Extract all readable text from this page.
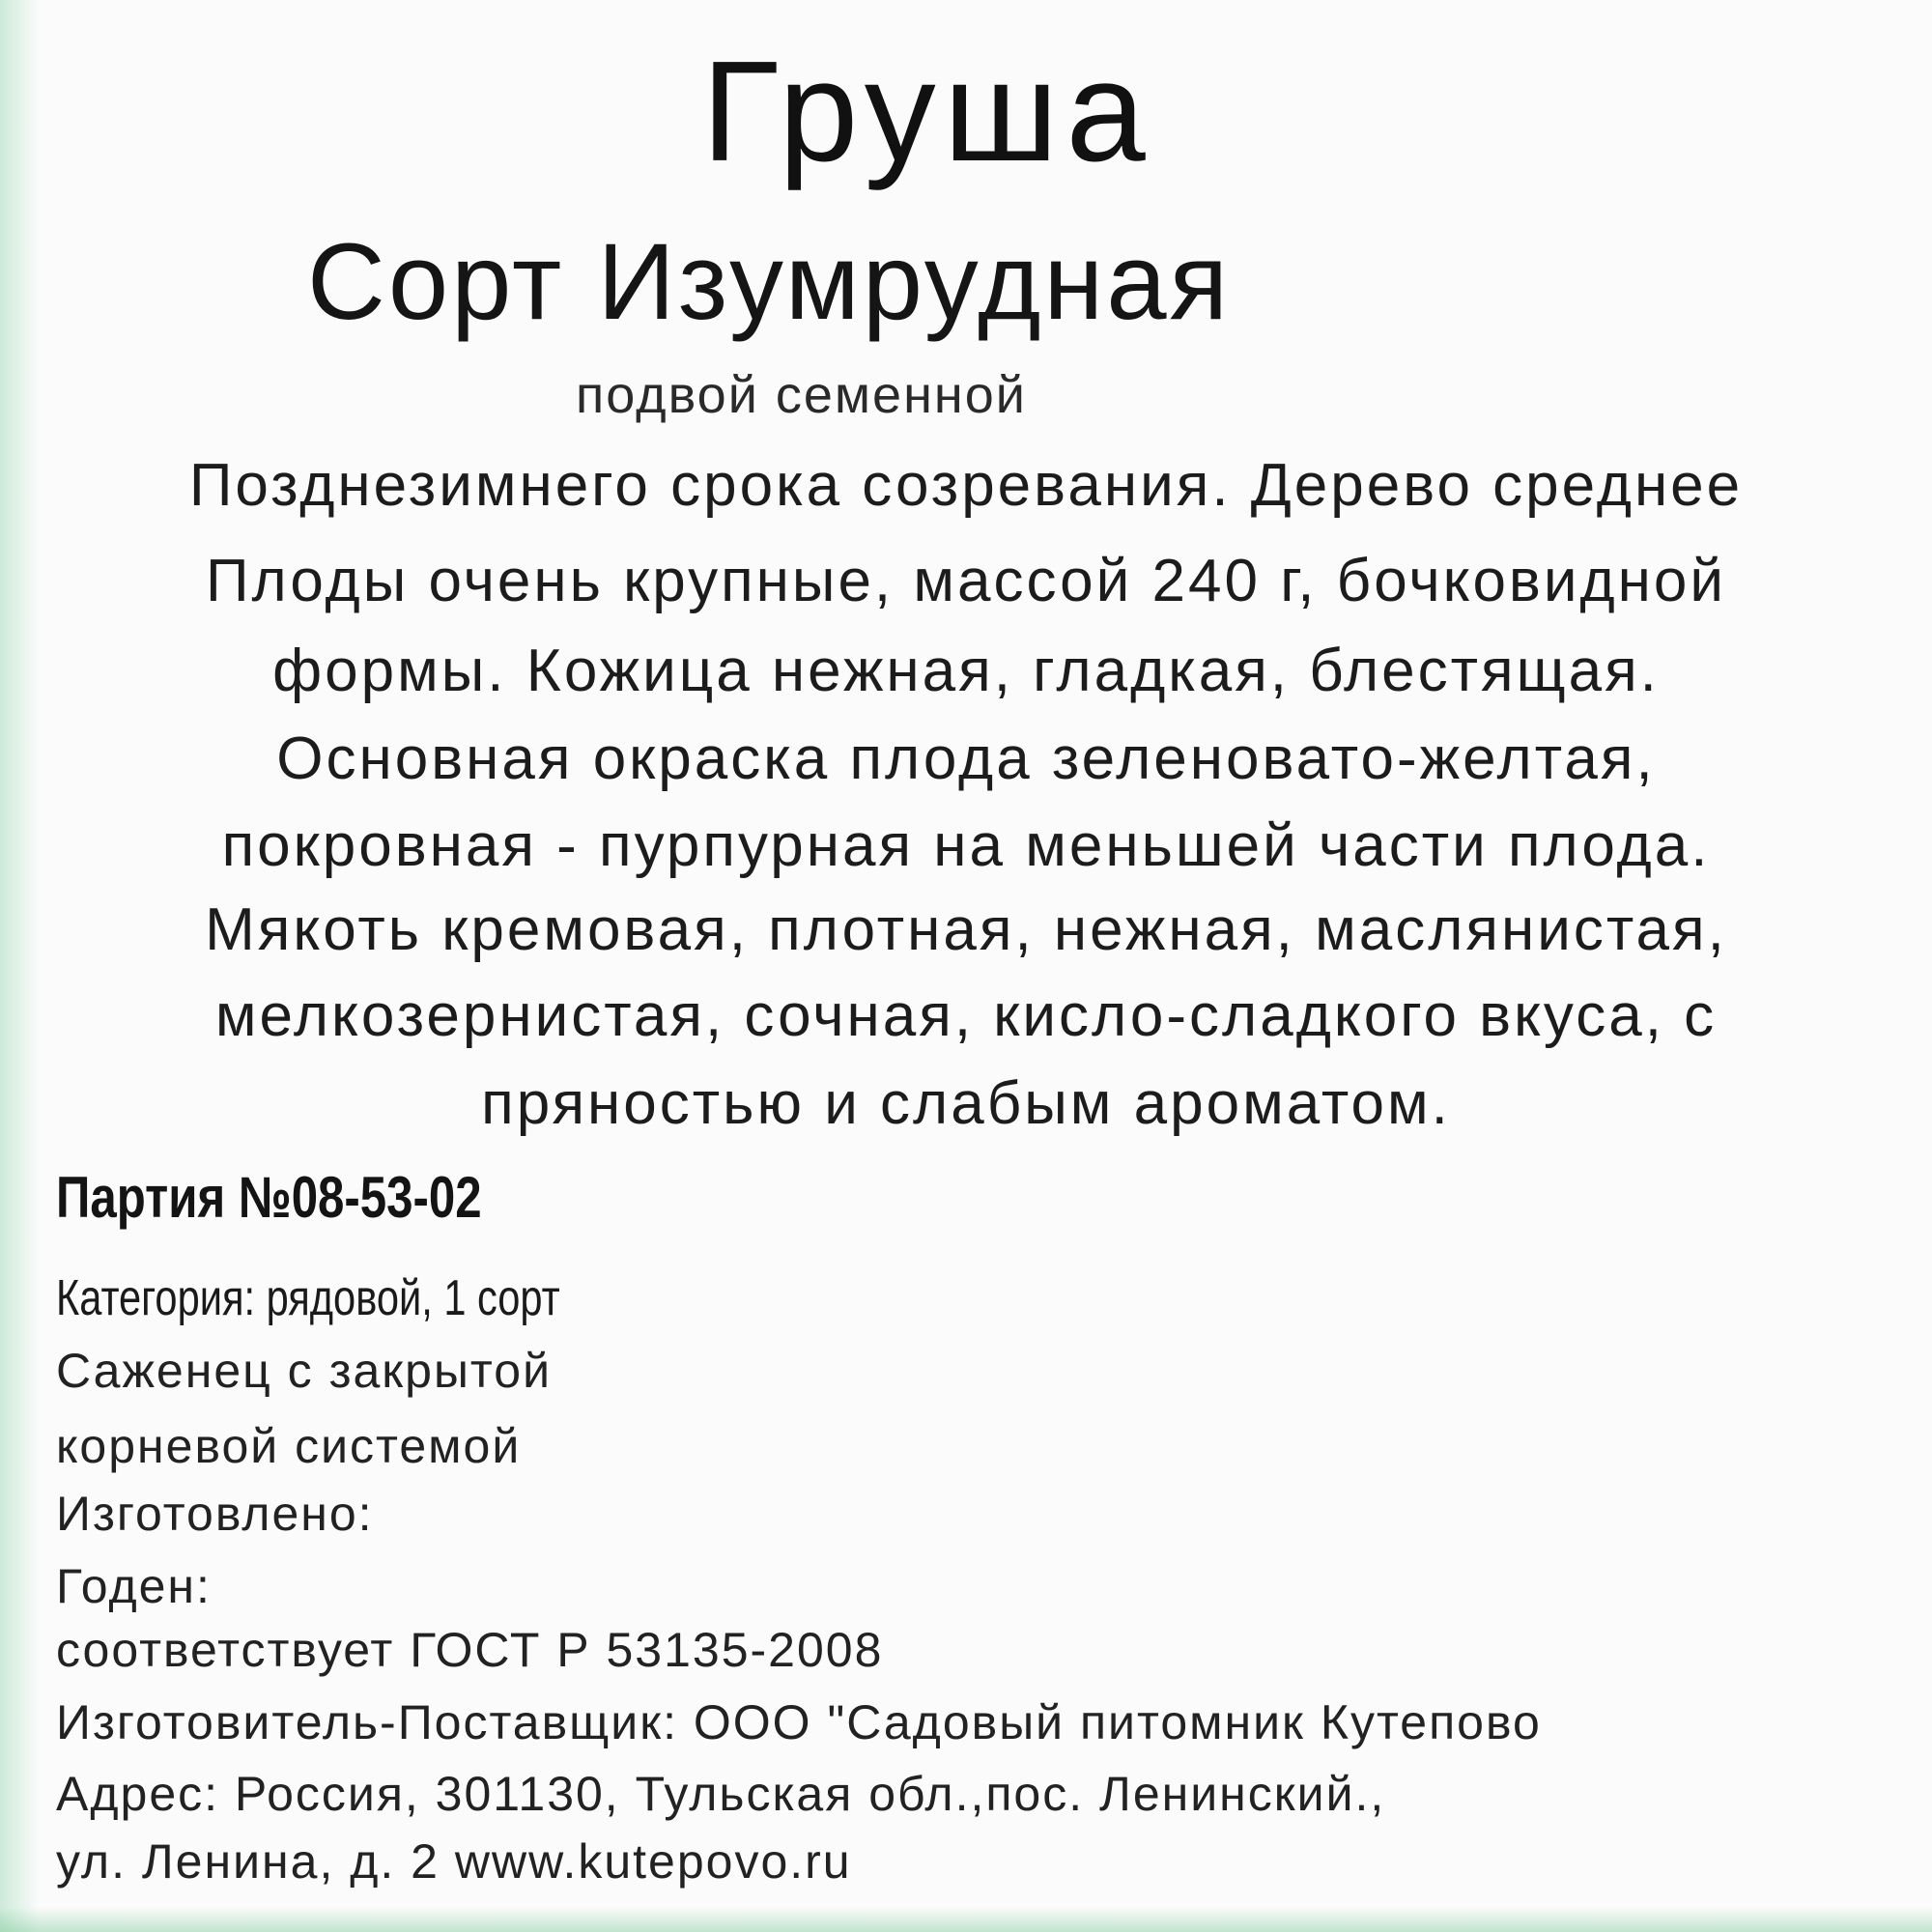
Груша
Сорт Изумрудная
подвой семенной
Позднезимнего срока созревания. Дерево среднее
Плоды очень крупные, массой 240 г, бочковидной
формы. Кожица нежная, гладкая, блестящая.
Основная окраска плода зеленовато-желтая,
покровная - пурпурная на меньшей части плода.
Мякоть кремовая, плотная, нежная, маслянистая,
мелкозернистая, сочная, кисло-сладкого вкуса, с
пряностью и слабым ароматом.
Партия №08-53-02
Категория: рядовой, 1 сорт
Саженец с закрытой
корневой системой
Изготовлено:
Годен:
соответствует ГОСТ Р 53135-2008
Изготовитель-Поставщик: ООО "Садовый питомник Кутепово
Адрес: Россия, 301130, Тульская обл.,пос. Ленинский.,
ул. Ленина, д. 2 www.kutepovo.ru
